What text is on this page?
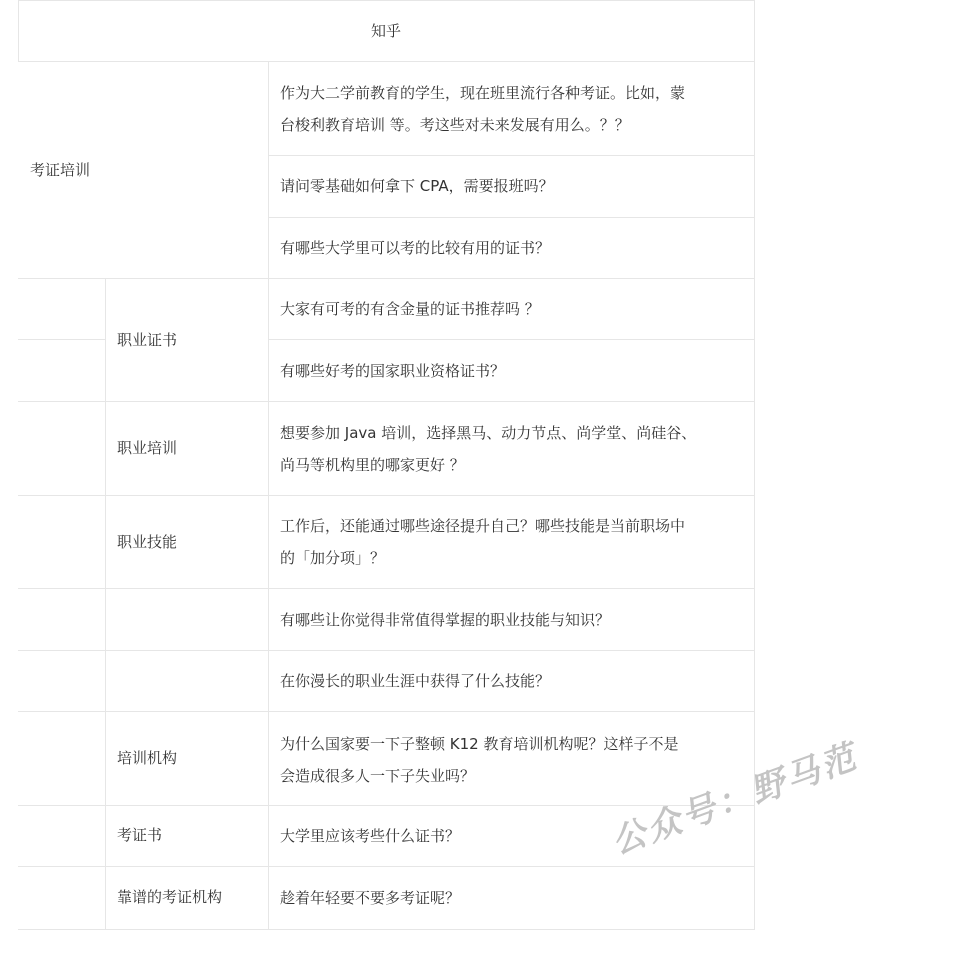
知乎
考证培训
职业证书
职业培训
职业技能
培训机构
考证书
靠谱的考证机构
作为大二学前教育的学生，现在班里流行各种考证。比如，蒙
台梭利教育培训 等。考这些对未来发展有用么。？？
请问零基础如何拿下 CPA，需要报班吗？
有哪些大学里可以考的比较有用的证书？
大家有可考的有含金量的证书推荐吗 ？
有哪些好考的国家职业资格证书？
想要参加 Java 培训，选择黑马、动力节点、尚学堂、尚硅谷、
尚马等机构里的哪家更好 ？
工作后，还能通过哪些途径提升自己？哪些技能是当前职场中
的「加分项」？
有哪些让你觉得非常值得掌握的职业技能与知识？
在你漫长的职业生涯中获得了什么技能？
为什么国家要一下子整顿 K12 教育培训机构呢？这样子不是
会造成很多人一下子失业吗？
大学里应该考些什么证书？
趁着年轻要不要多考证呢？
公众号：野马范
